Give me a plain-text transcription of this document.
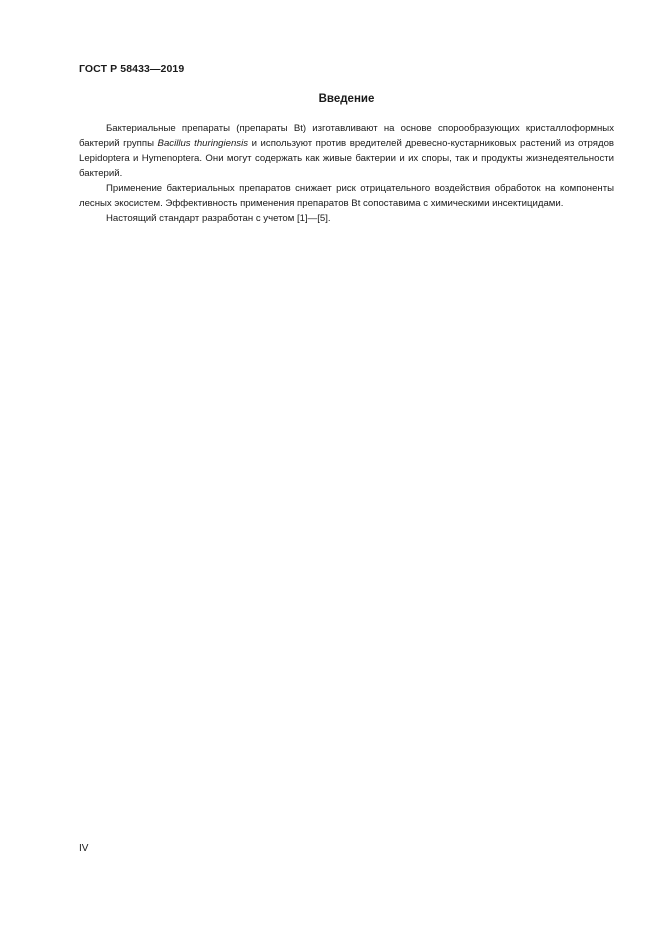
ГОСТ Р 58433—2019
Введение

Бактериальные препараты (препараты Bt) изготавливают на основе спорообразующих кристаллоформных бактерий группы Bacillus thuringiensis и используют против вредителей древесно-кустарниковых растений из отрядов Lepidoptera и Hymenoptera. Они могут содержать как живые бактерии и их споры, так и продукты жизнедеятельности бактерий.

Применение бактериальных препаратов снижает риск отрицательного воздействия обработок на компоненты лесных экосистем. Эффективность применения препаратов Bt сопоставима с химическими инсектицидами.

Настоящий стандарт разработан с учетом [1]—[5].

IV
